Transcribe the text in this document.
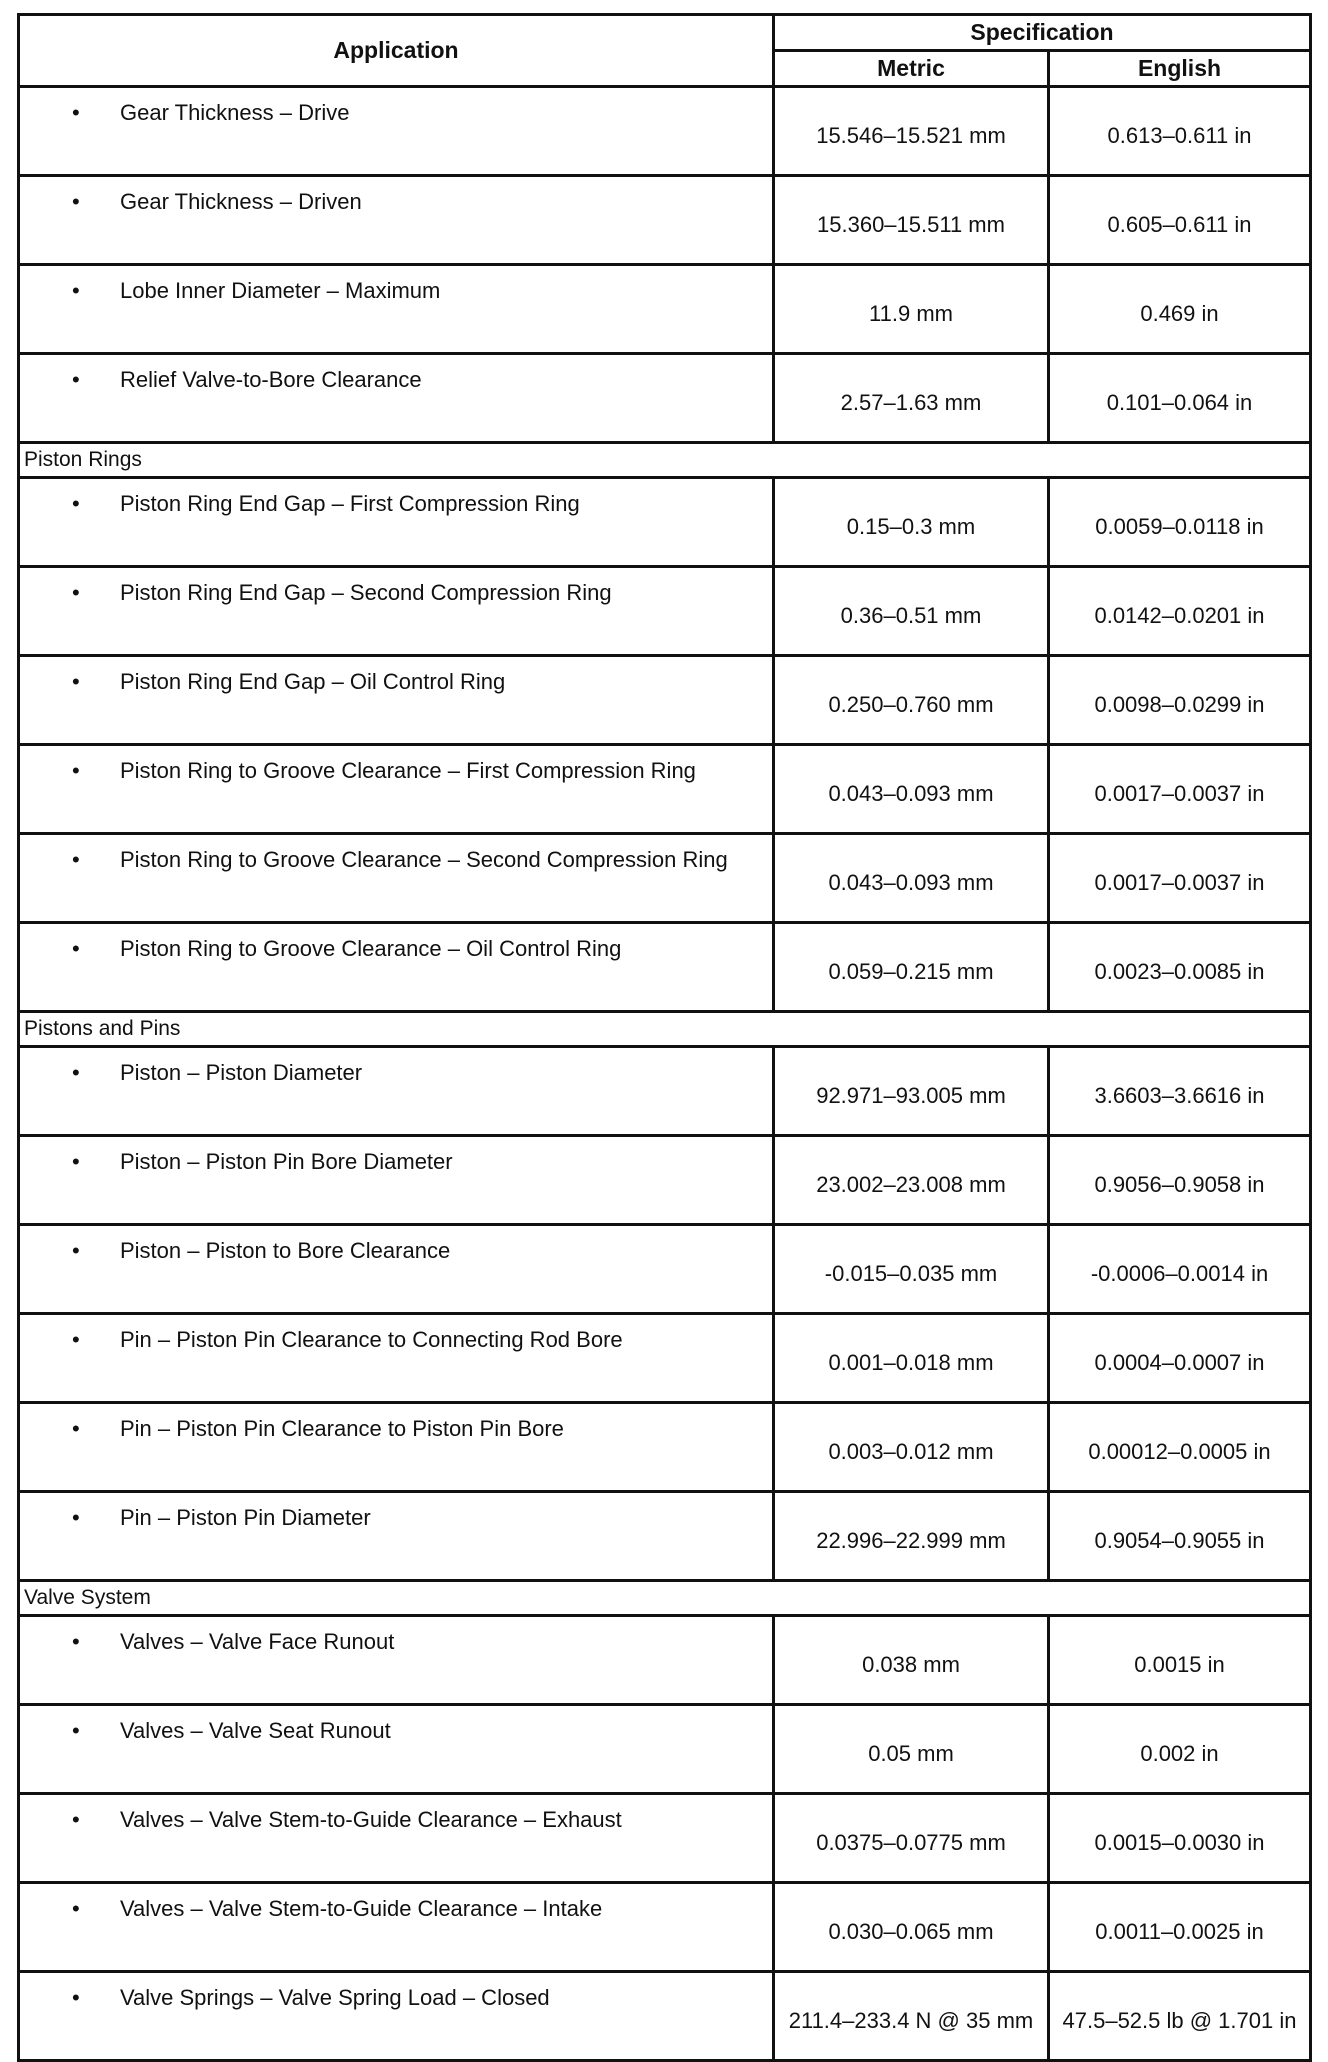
Application	Specification	
	Metric	English
• Gear Thickness – Drive	15.546–15.521 mm	0.613–0.611 in
• Gear Thickness – Driven	15.360–15.511 mm	0.605–0.611 in
• Lobe Inner Diameter – Maximum	11.9 mm	0.469 in
• Relief Valve-to-Bore Clearance	2.57–1.63 mm	0.101–0.064 in
Piston Rings		
• Piston Ring End Gap – First Compression Ring	0.15–0.3 mm	0.0059–0.0118 in
• Piston Ring End Gap – Second Compression Ring	0.36–0.51 mm	0.0142–0.0201 in
• Piston Ring End Gap – Oil Control Ring	0.250–0.760 mm	0.0098–0.0299 in
• Piston Ring to Groove Clearance – First Compression Ring	0.043–0.093 mm	0.0017–0.0037 in
• Piston Ring to Groove Clearance – Second Compression Ring	0.043–0.093 mm	0.0017–0.0037 in
• Piston Ring to Groove Clearance – Oil Control Ring	0.059–0.215 mm	0.0023–0.0085 in
Pistons and Pins		
• Piston – Piston Diameter	92.971–93.005 mm	3.6603–3.6616 in
• Piston – Piston Pin Bore Diameter	23.002–23.008 mm	0.9056–0.9058 in
• Piston – Piston to Bore Clearance	-0.015–0.035 mm	-0.0006–0.0014 in
• Pin – Piston Pin Clearance to Connecting Rod Bore	0.001–0.018 mm	0.0004–0.0007 in
• Pin – Piston Pin Clearance to Piston Pin Bore	0.003–0.012 mm	0.00012–0.0005 in
• Pin – Piston Pin Diameter	22.996–22.999 mm	0.9054–0.9055 in
Valve System		
• Valves – Valve Face Runout	0.038 mm	0.0015 in
• Valves – Valve Seat Runout	0.05 mm	0.002 in
• Valves – Valve Stem-to-Guide Clearance – Exhaust	0.0375–0.0775 mm	0.0015–0.0030 in
• Valves – Valve Stem-to-Guide Clearance – Intake	0.030–0.065 mm	0.0011–0.0025 in
• Valve Springs – Valve Spring Load – Closed	211.4–233.4 N @ 35 mm	47.5–52.5 lb @ 1.701 in
